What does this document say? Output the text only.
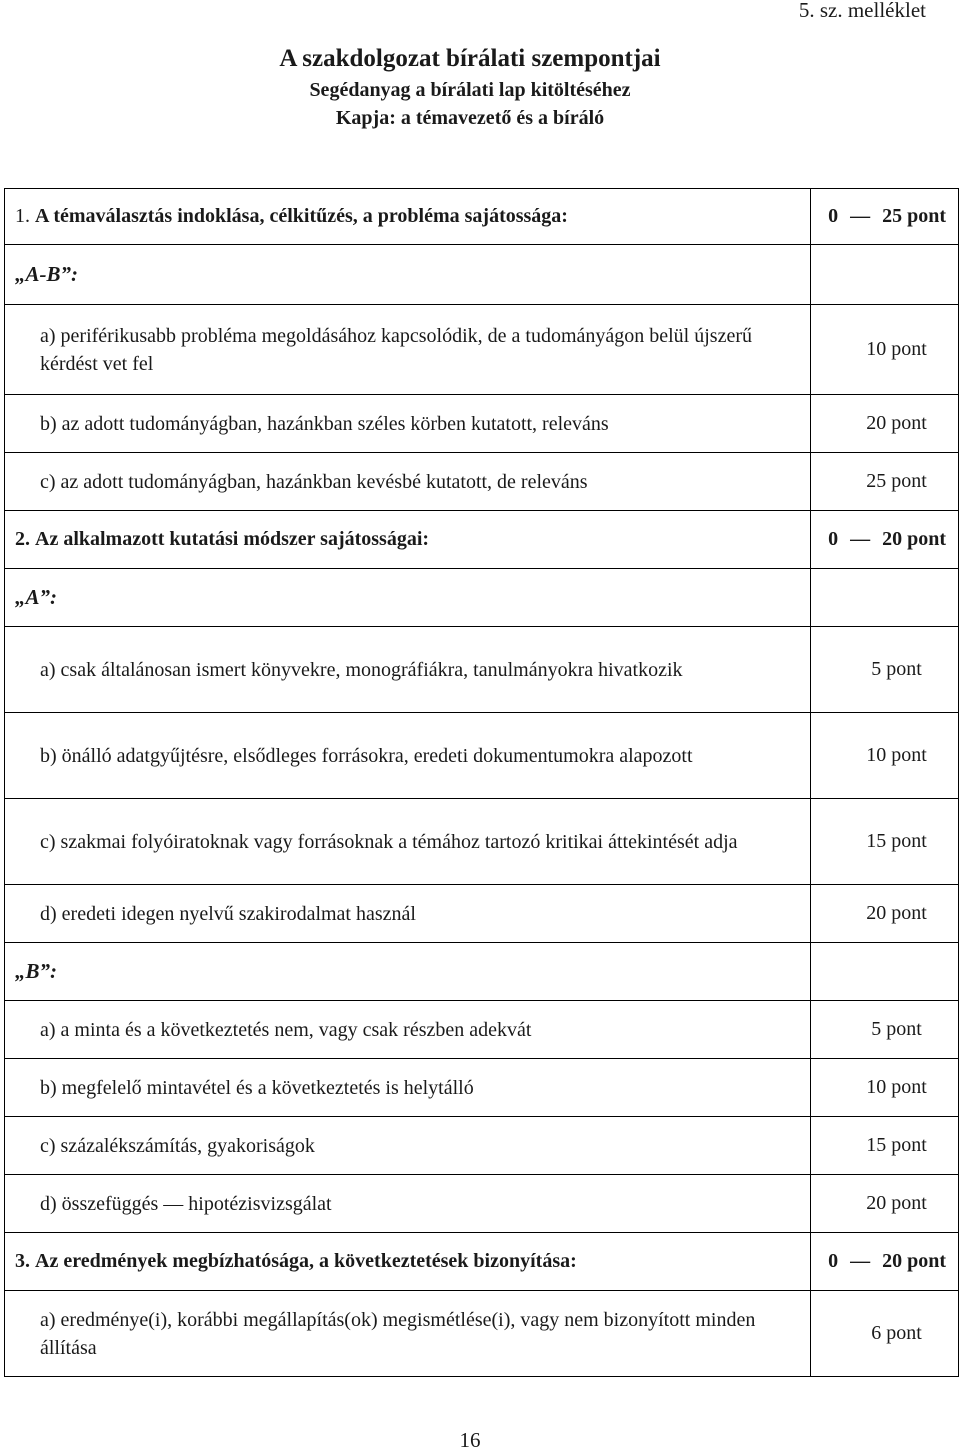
5. sz. melléklet
A szakdolgozat bírálati szempontjai
Segédanyag a bírálati lap kitöltéséhez
Kapja: a témavezető és a bíráló
1.
A témaválasztás indoklása, célkitűzés, a probléma sajátossága:	0 — 25 pont
„A-B”:
a) periférikusabb probléma megoldásához kapcsolódik, de a tudományágon belül újszerű kérdést vet fel
10 pont
b) az adott tudományágban, hazánkban széles körben kutatott, releváns	20 pont
c) az adott tudományágban, hazánkban kevésbé kutatott, de releváns	25 pont
2.
Az alkalmazott kutatási módszer sajátosságai:	0 — 20 pont
„A”:
a) csak általánosan ismert könyvekre, monográfiákra, tanulmányokra hivatkozik	5 pont
b) önálló adatgyűjtésre, elsődleges forrásokra, eredeti dokumentumokra alapozott	10 pont
c) szakmai folyóiratoknak vagy forrásoknak a témához tartozó kritikai áttekintését adja	15 pont
d) eredeti idegen nyelvű szakirodalmat használ	20 pont
„B”:
a) a minta és a következtetés nem, vagy csak részben adekvát	5 pont
b) megfelelő mintavétel és a következtetés is helytálló	10 pont
c) százalékszámítás, gyakoriságok	15 pont
d) összefüggés — hipotézisvizsgálat	20 pont
3.
Az eredmények megbízhatósága, a következtetések bizonyítása:	0 — 20 pont
a) eredménye(i), korábbi megállapítás(ok) megismétlése(i), vagy nem bizonyított minden állítása
6 pont
16
